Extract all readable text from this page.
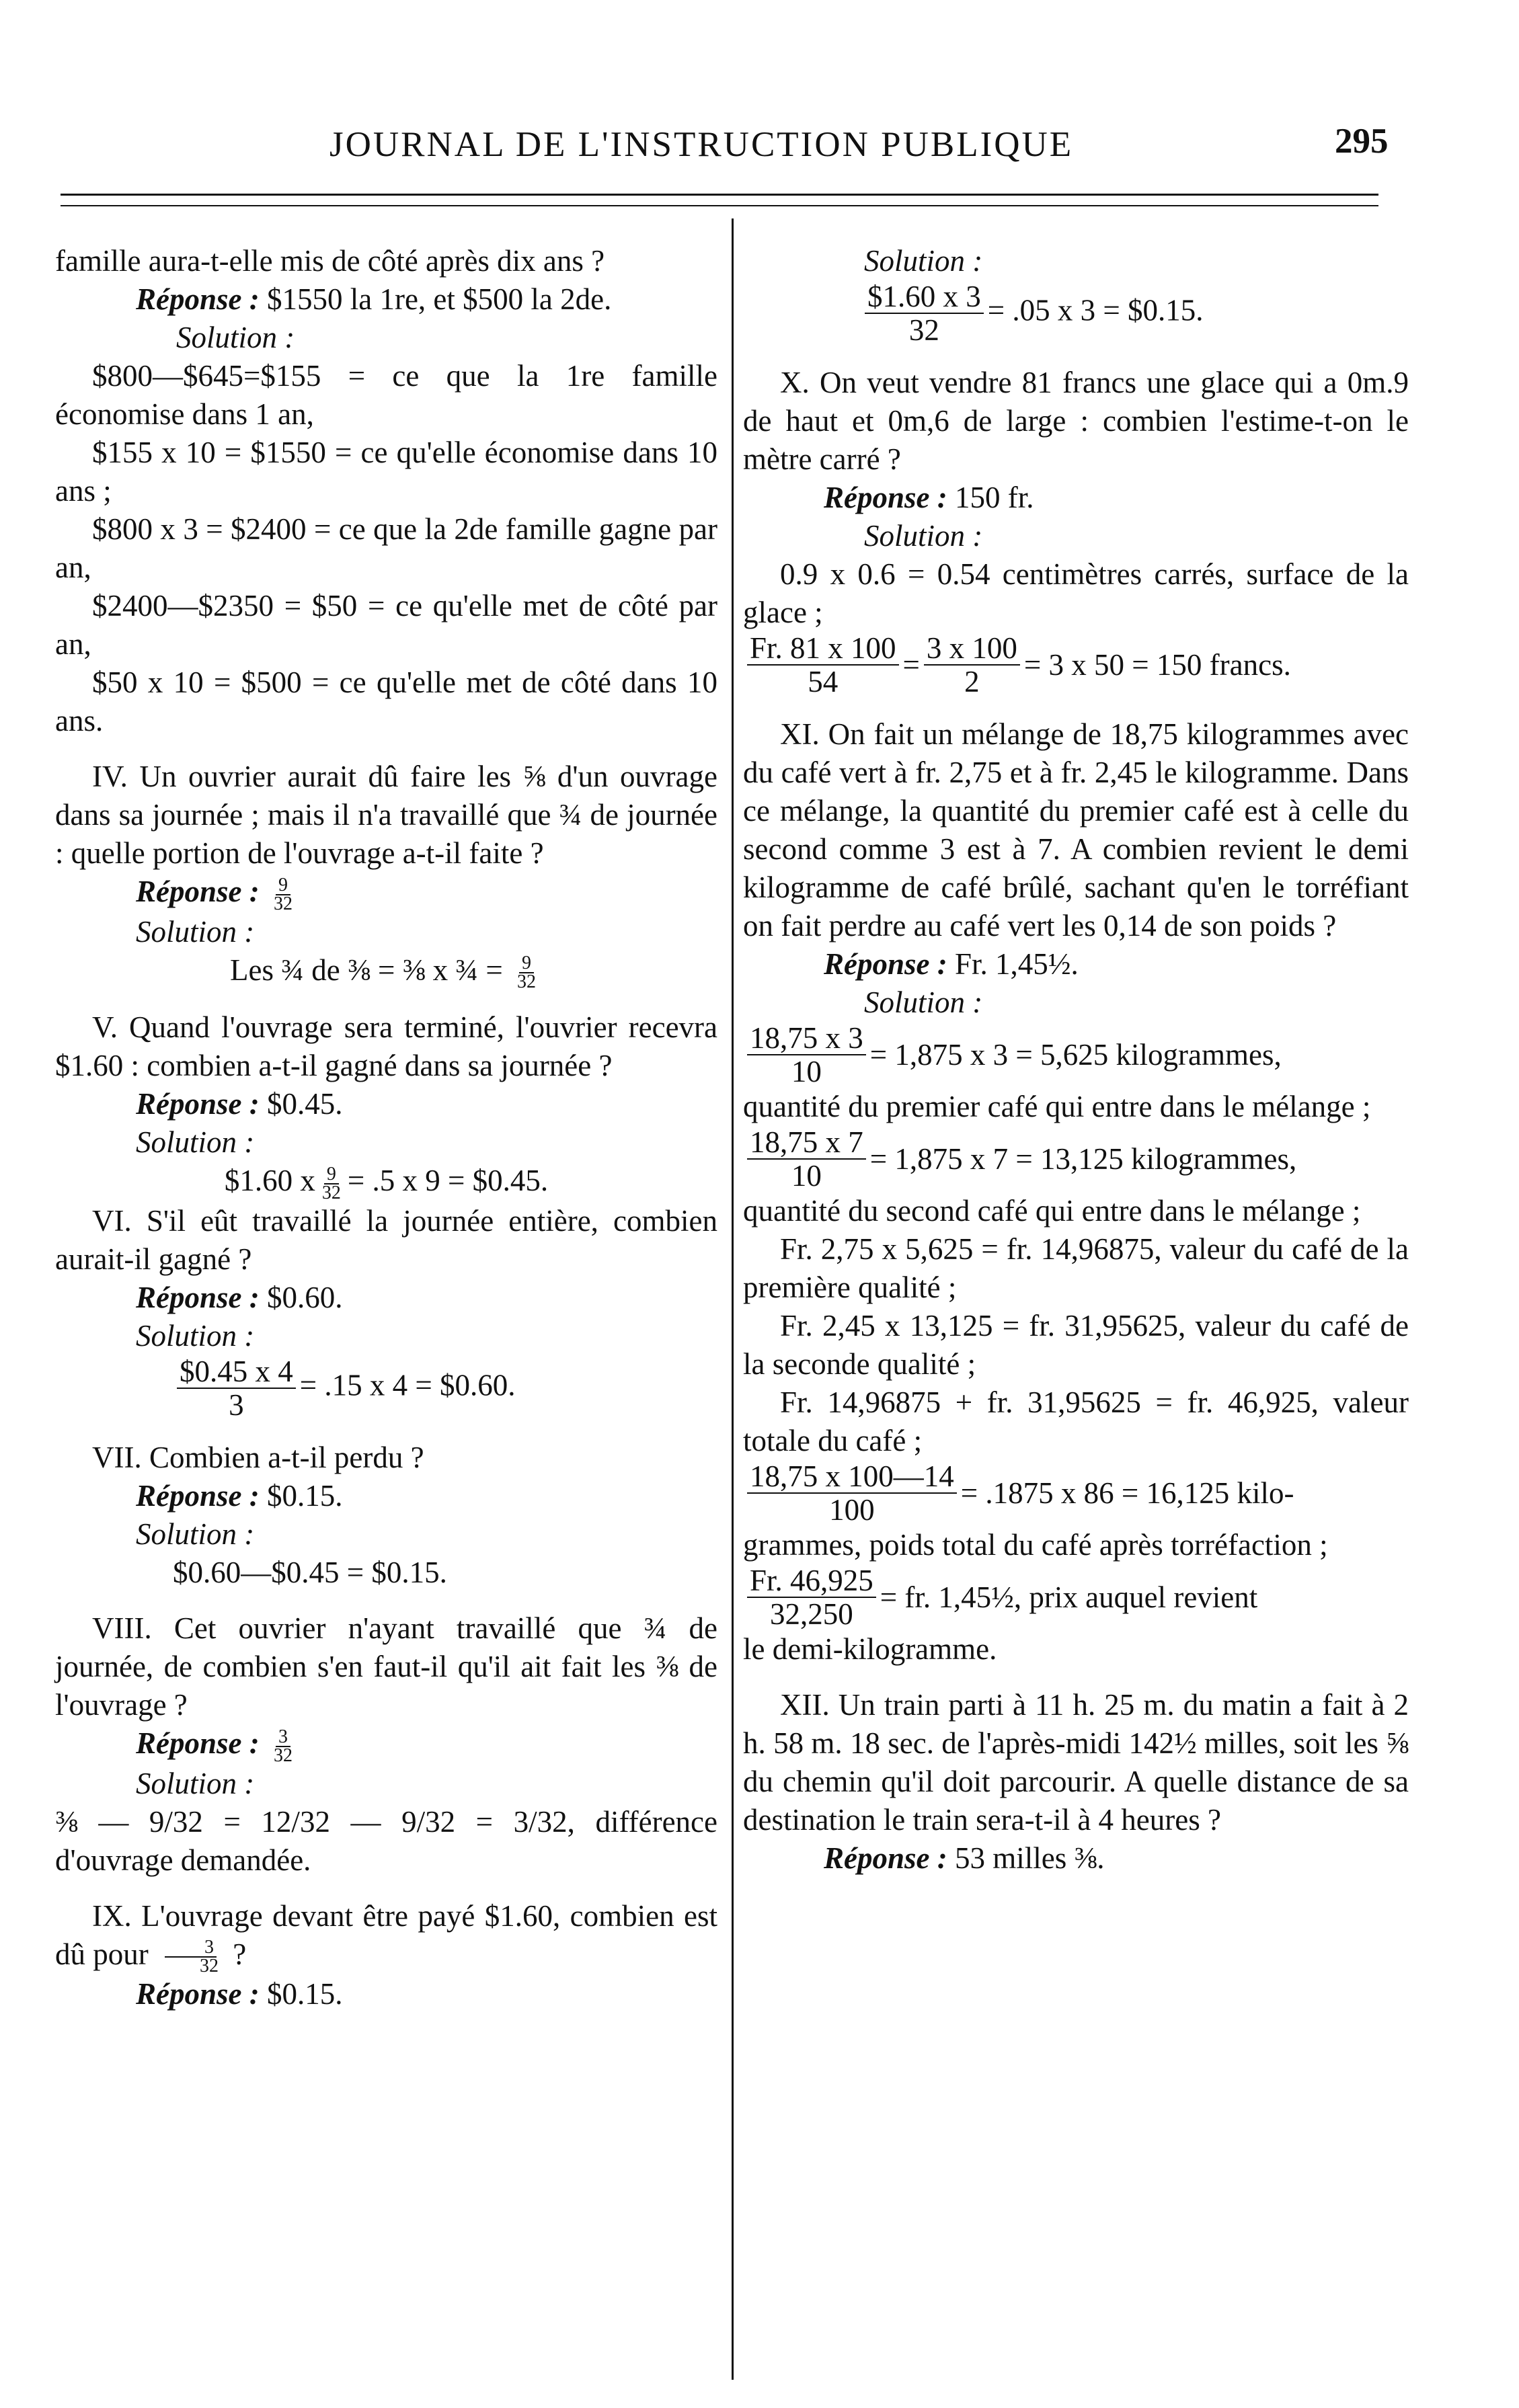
JOURNAL DE L'INSTRUCTION PUBLIQUE	295

famille aura-t-elle mis de côté après dix ans ?

Réponse : $1550 la 1re, et $500 la 2de.

Solution :

$800—$645=$155 = ce que la 1re famille économise dans 1 an,

$155 x 10 = $1550 = ce qu'elle économise dans 10 ans ;

$800 x 3 = $2400 = ce que la 2de famille gagne par an,

$2400—$2350 = $50 = ce qu'elle met de côté par an,

$50 x 10 = $500 = ce qu'elle met de côté dans 10 ans.

IV. Un ouvrier aurait dû faire les ⅝ d'un ouvrage dans sa journée ; mais il n'a travaillé que ¾ de journée : quelle portion de l'ouvrage a-t-il faite ?

Réponse : $\frac{9}{32}$

Solution :

Les ¾ de ⅜ = ⅜ x ¾ = $\frac{9}{32}$

V. Quand l'ouvrage sera terminé, l'ouvrier recevra $1.60 : combien a-t-il gagné dans sa journée ?

Réponse : $0.45.

Solution :

$1.60 x $\frac{9}{32} = .5$ x 9 = $0.45.

VI. S'il eût travaillé la journée entière, combien aurait-il gagné ?

Réponse : $0.60.

Solution :

$\frac{\$0.45 x 4}{3} = .15$ x 4 = $0.60.

VII. Combien a-t-il perdu ?

Réponse : $0.15.

Solution :

$0.60—$0.45 = $0.15.

VIII. Cet ouvrier n'ayant travaillé que ¾ de journée, de combien s'en faut-il qu'il ait fait les ⅜ de l'ouvrage ?

Réponse : $\frac{3}{32}$

Solution :

⅜ — 9/32 = 12/32 — 9/32 = 3/32, différence d'ouvrage demandée.

IX. L'ouvrage devant être payé $1.60, combien est dû pour $\frac{3}{32}$ ?

Réponse : $0.15.

Solution :

$\frac{\$1.60 x 3}{32} = .05$ x 3 = $0.15.

X. On veut vendre 81 francs une glace qui a 0m.9 de haut et 0m,6 de large : combien l'estime-t-on le mètre carré ?

Réponse : 150 fr.

Solution :

0.9 x 0.6 = 0.54 centimètres carrés, surface de la glace ;

$\frac{Fr. 81 x 100}{54} = \frac{3 x 100}{2} = 3$ x 50 = 150 francs.

XI. On fait un mélange de 18,75 kilogrammes avec du café vert à fr. 2,75 et à fr. 2,45 le kilogramme. Dans ce mélange, la quantité du premier café est à celle du second comme 3 est à 7. A combien revient le demi kilogramme de café brûlé, sachant qu'en le torréfiant on fait perdre au café vert les 0,14 de son poids ?

Réponse : Fr. 1,45½.

Solution :

$\frac{18,75 x 3}{10} = 1,875$ x 3 = 5,625 kilogrammes,

quantité du premier café qui entre dans le mélange ;

$\frac{18,75 x 7}{10} = 1,875$ x 7 = 13,125 kilogrammes,

quantité du second café qui entre dans le mélange ;

Fr. 2,75 x 5,625 = fr. 14,96875, valeur du café de la première qualité ;

Fr. 2,45 x 13,125 = fr. 31,95625, valeur du café de la seconde qualité ;

Fr. 14,96875 + fr. 31,95625 = fr. 46,925, valeur totale du café ;

$\frac{18,75 x 100—14}{100} = .1875$ x 86 = 16,125 kilo-

grammes, poids total du café après torréfaction ;

$\frac{Fr. 46,925}{32,250}$ = fr. 1,45½, prix auquel revient

le demi-kilogramme.

XII. Un train parti à 11 h. 25 m. du matin a fait à 2 h. 58 m. 18 sec. de l'après-midi 142½ milles, soit les ⅝ du chemin qu'il doit parcourir. A quelle distance de sa destination le train sera-t-il à 4 heures ?

Réponse : 53 milles ⅜.
